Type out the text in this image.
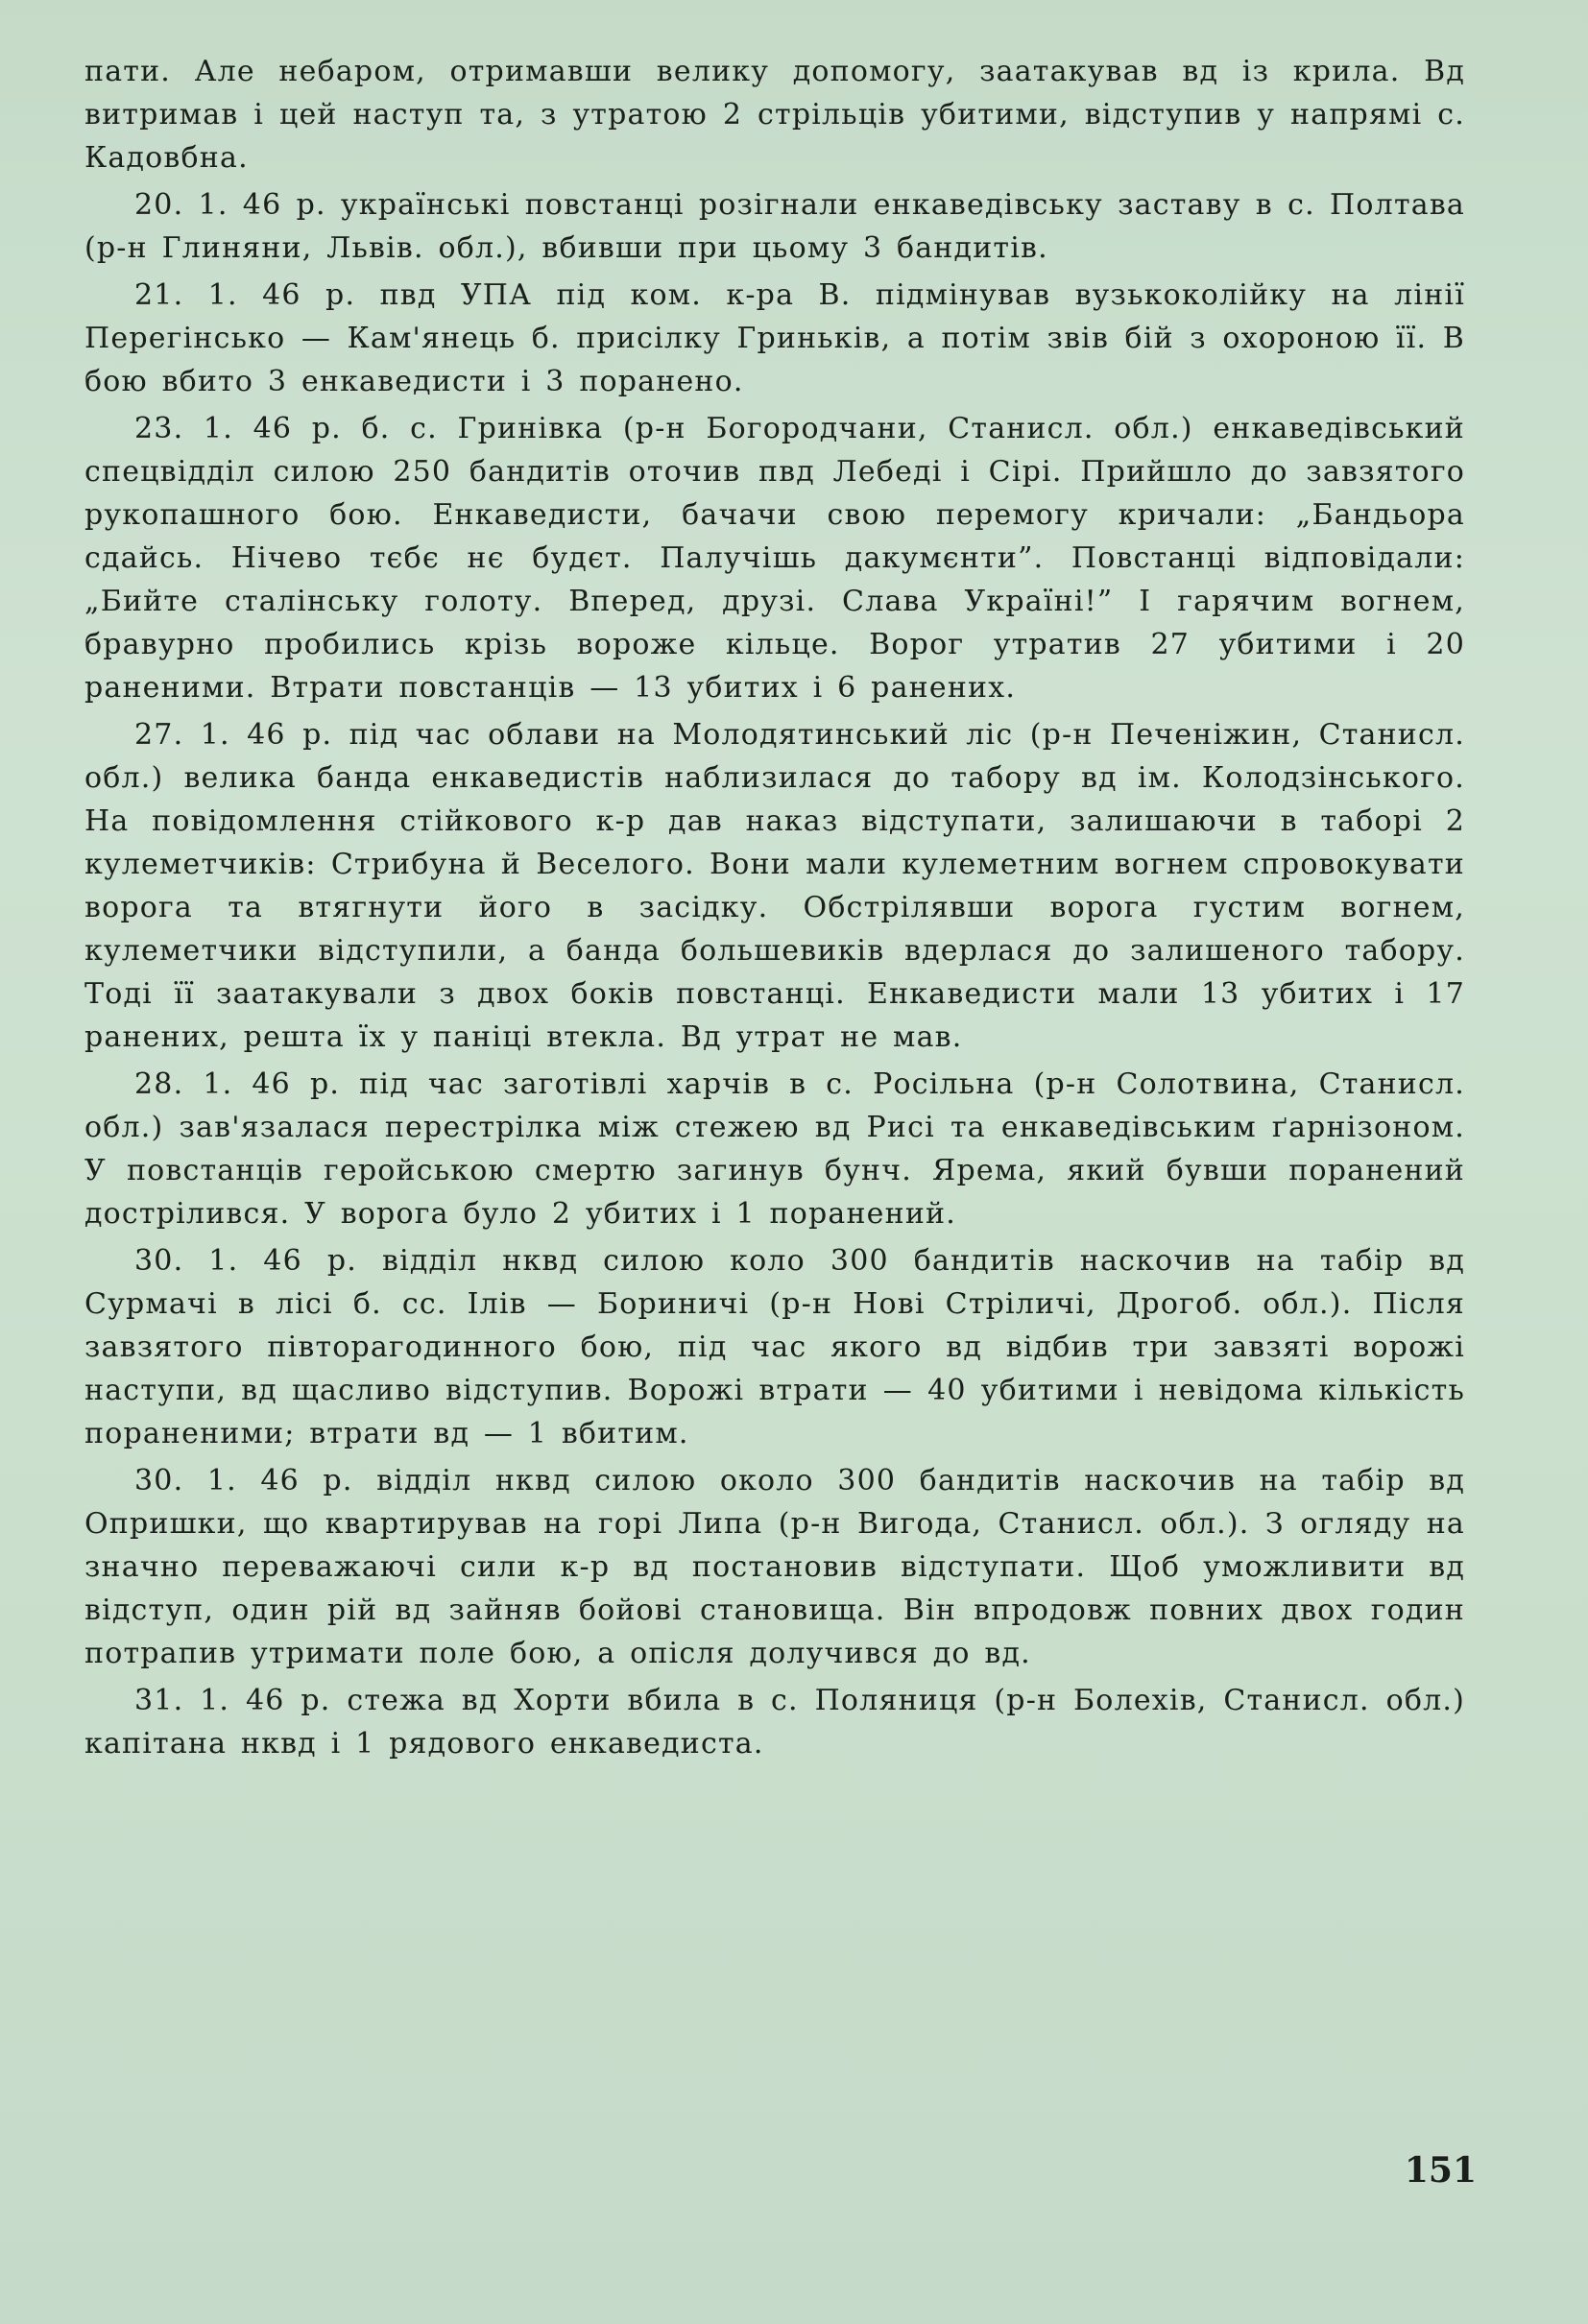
пати. Але небаром, отримавши велику допомогу, заатакував вд із крила. Вд витримав і цей наступ та, з утратою 2 стрільців убитими, відступив у напрямі с. Кадовбна.

20. 1. 46 р. українські повстанці розігнали енкаведівську заставу в с. Полтава (р-н Глиняни, Львів. обл.), вбивши при цьому 3 бандитів.

21. 1. 46 р. пвд УПА під ком. к-ра В. підмінував вузькоколійку на лінії Перегінсько — Кам'янець б. присілку Гриньків, а потім звів бій з охороною її. В бою вбито 3 енкаведисти і 3 поранено.

23. 1. 46 р. б. с. Гринівка (р-н Богородчани, Станисл. обл.) енкаведівський спецвідділ силою 250 бандитів оточив пвд Лебеді і Сірі. Прийшло до завзятого рукопашного бою. Енкаведисти, бачачи свою перемогу кричали: „Бандьора сдайсь. Нічево тєбє нє будєт. Палучішь дакумєнти”. Повстанці відповідали: „Бийте сталінську голоту. Вперед, друзі. Слава Україні!” І гарячим вогнем, бравурно пробились крізь вороже кільце. Ворог утратив 27 убитими і 20 раненими. Втрати повстанців — 13 убитих і 6 ранених.

27. 1. 46 р. під час облави на Молодятинський ліс (р-н Печеніжин, Станисл. обл.) велика банда енкаведистів наблизилася до табору вд ім. Колодзінського. На повідомлення стійкового к-р дав наказ відступати, залишаючи в таборі 2 кулеметчиків: Стрибуна й Веселого. Вони мали кулеметним вогнем спровокувати ворога та втягнути його в засідку. Обстрілявши ворога густим вогнем, кулеметчики відступили, а банда большевиків вдерлася до залишеного табору. Тоді її заатакували з двох боків повстанці. Енкаведисти мали 13 убитих і 17 ранених, решта їх у паніці втекла. Вд утрат не мав.

28. 1. 46 р. під час заготівлі харчів в с. Росільна (р-н Солотвина, Станисл. обл.) зав'язалася перестрілка між стежею вд Рисі та енкаведівським ґарнізоном. У повстанців геройською смертю загинув бунч. Ярема, який бувши поранений дострілився. У ворога було 2 убитих і 1 поранений.

30. 1. 46 р. відділ нквд силою коло 300 бандитів наскочив на табір вд Сурмачі в лісі б. сс. Ілів — Бориничі (р-н Нові Стріличі, Дрогоб. обл.). Після завзятого півторагодинного бою, під час якого вд відбив три завзяті ворожі наступи, вд щасливо відступив. Ворожі втрати — 40 убитими і невідома кількість пораненими; втрати вд — 1 вбитим.

30. 1. 46 р. відділ нквд силою около 300 бандитів наскочив на табір вд Опришки, що квартирував на горі Липа (р-н Вигода, Станисл. обл.). З огляду на значно переважаючі сили к-р вд постановив відступати. Щоб уможливити вд відступ, один рій вд зайняв бойові становища. Він впродовж повних двох годин потрапив утримати поле бою, а опісля долучився до вд.

31. 1. 46 р. стежа вд Хорти вбила в с. Поляниця (р-н Болехів, Станисл. обл.) капітана нквд і 1 рядового енкаведиста.

151
